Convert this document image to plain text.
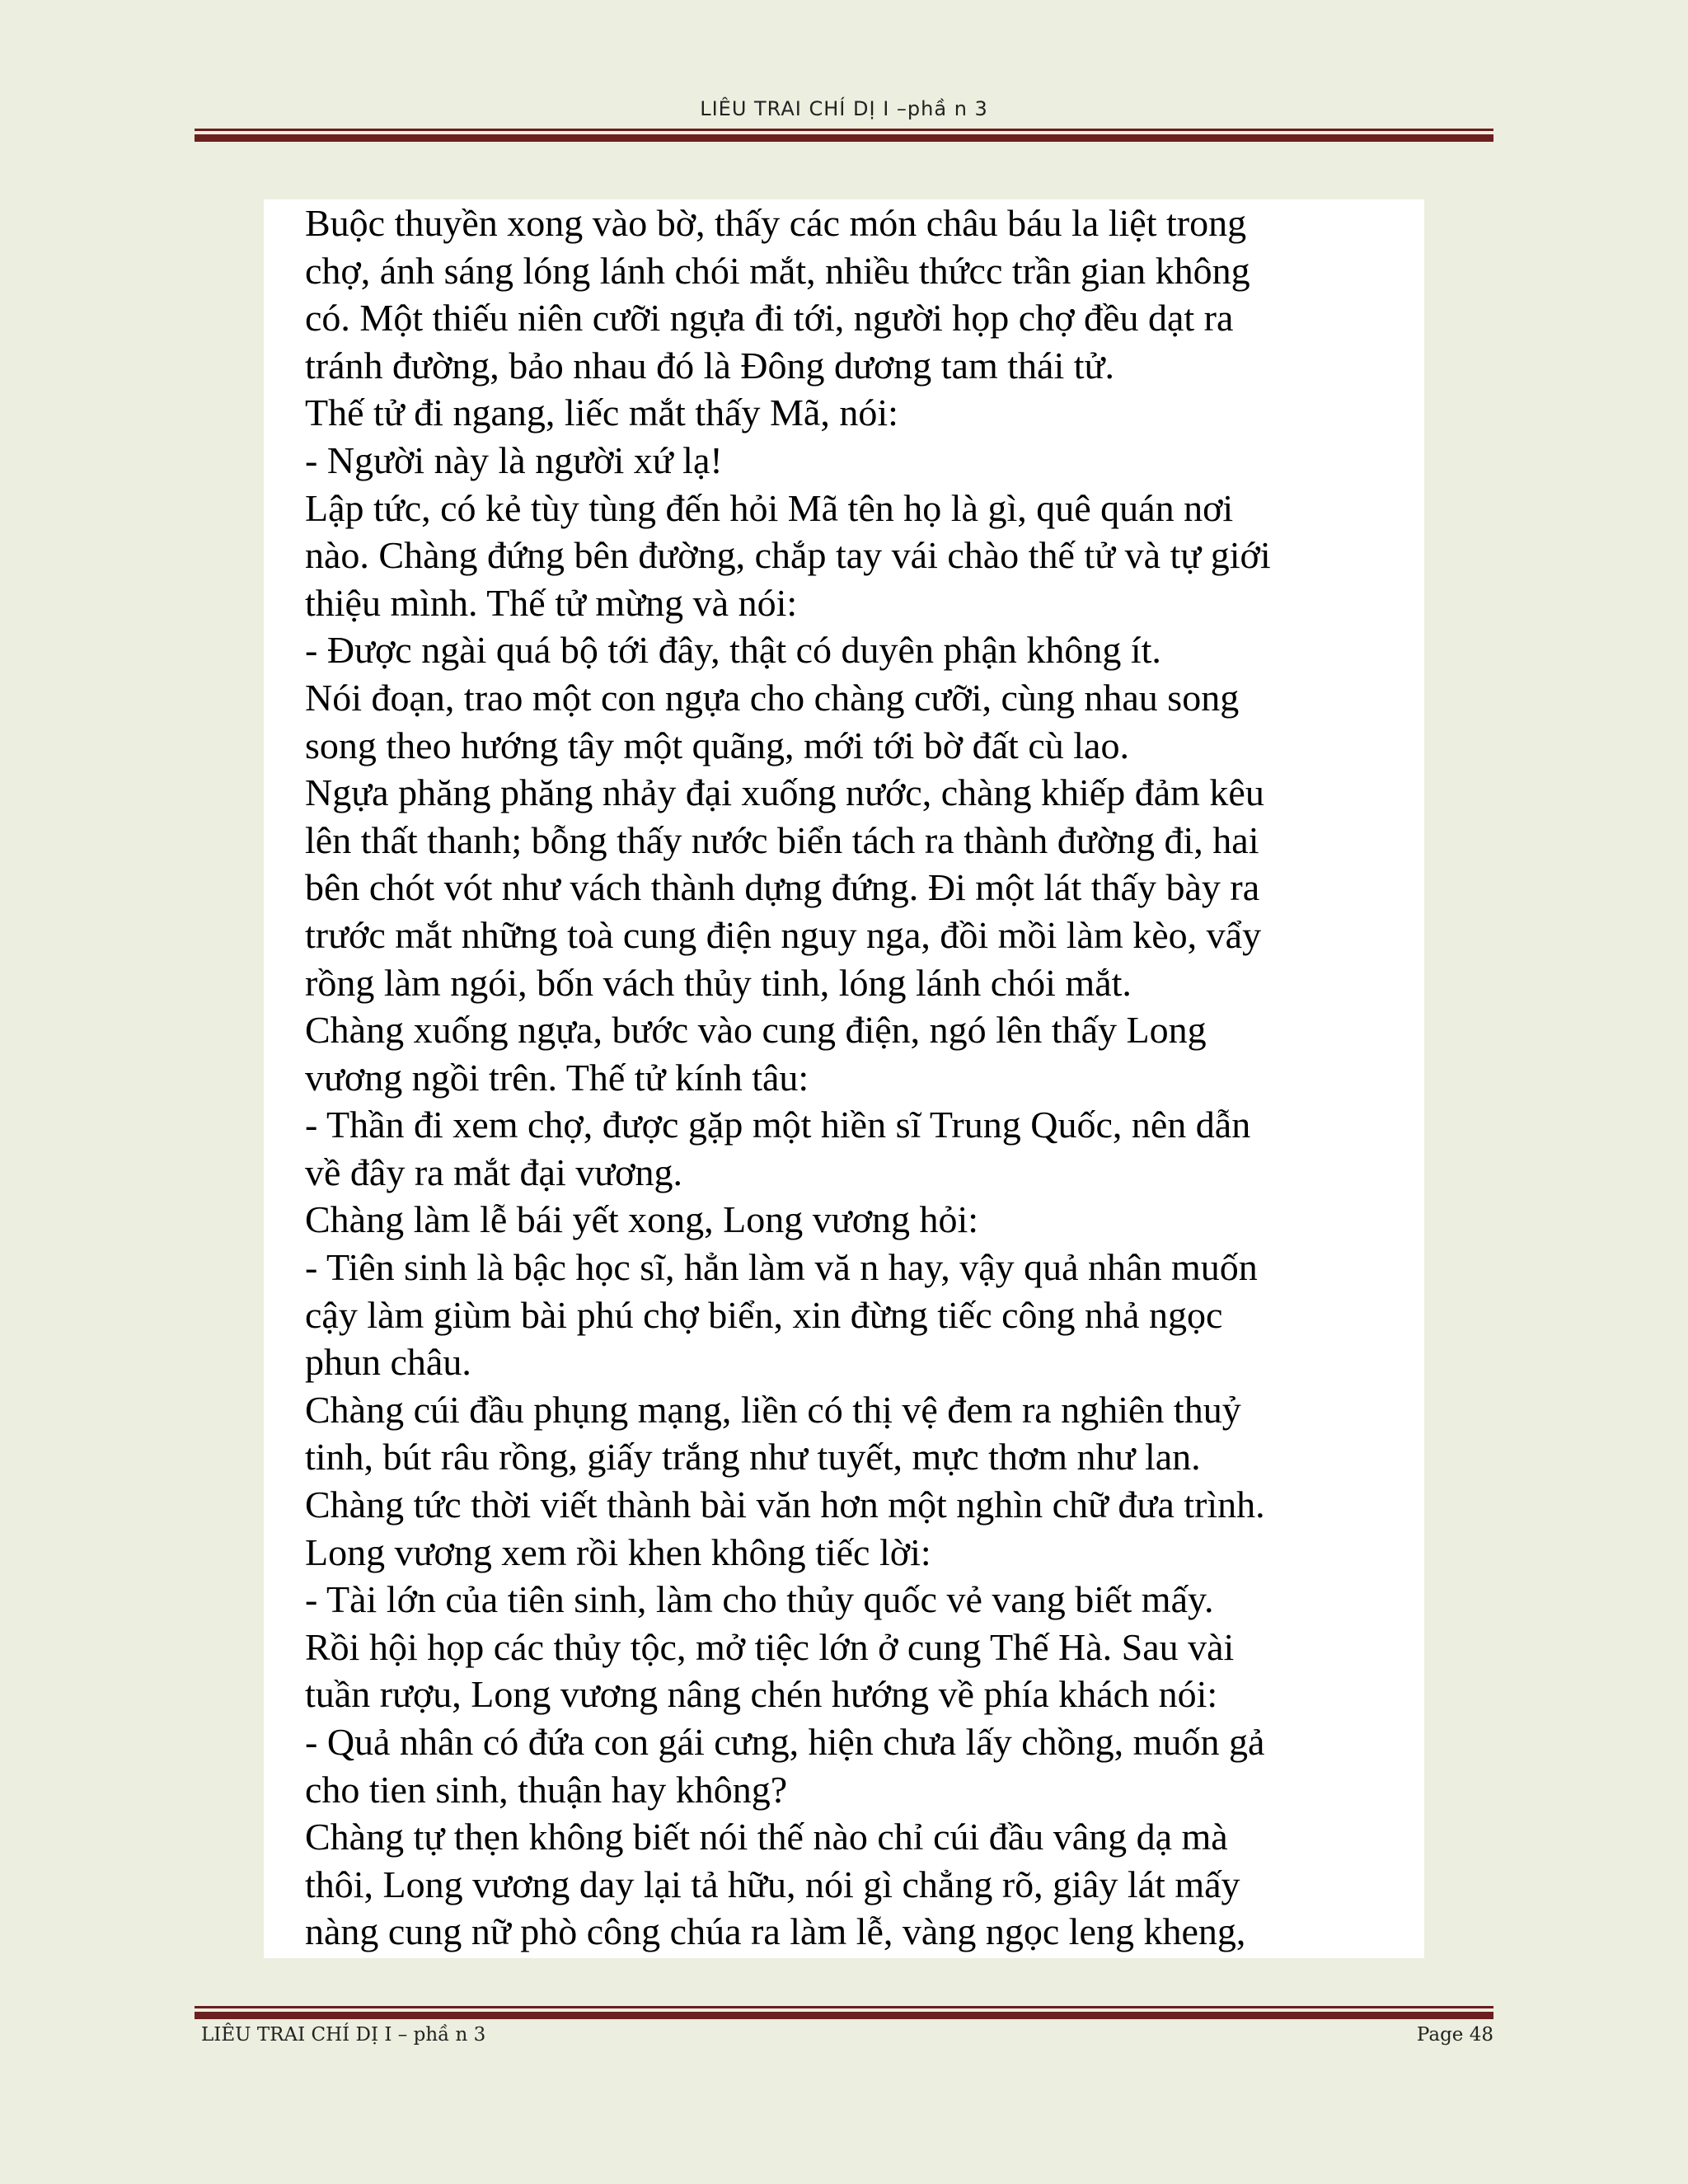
LIÊU TRAI CHÍ DỊ I –phầ n 3
Buộc thuyền xong vào bờ, thấy các món châu báu la liệt trong
chợ, ánh sáng lóng lánh chói mắt, nhiều thứcc trần gian không
có. Một thiếu niên cưỡi ngựa đi tới, người họp chợ đều dạt ra
tránh đường, bảo nhau đó là Đông dương tam thái tử.
Thế tử đi ngang, liếc mắt thấy Mã, nói:
- Người này là người xứ lạ!
Lập tức, có kẻ tùy tùng đến hỏi Mã tên họ là gì, quê quán nơi
nào. Chàng đứng bên đường, chắp tay vái chào thế tử và tự giới
thiệu mình. Thế tử mừng và nói:
- Được ngài quá bộ tới đây, thật có duyên phận không ít.
Nói đoạn, trao một con ngựa cho chàng cưỡi, cùng nhau song
song theo hướng tây một quãng, mới tới bờ đất cù lao.
Ngựa phăng phăng nhảy đại xuống nước, chàng khiếp đảm kêu
lên thất thanh; bỗng thấy nước biển tách ra thành đường đi, hai
bên chót vót như vách thành dựng đứng. Đi một lát thấy bày ra
trước mắt những toà cung điện nguy nga, đồi mồi làm kèo, vẩy
rồng làm ngói, bốn vách thủy tinh, lóng lánh chói mắt.
Chàng xuống ngựa, bước vào cung điện, ngó lên thấy Long
vương ngồi trên. Thế tử kính tâu:
- Thần đi xem chợ, được gặp một hiền sĩ Trung Quốc, nên dẫn
về đây ra mắt đại vương.
Chàng làm lễ bái yết xong, Long vương hỏi:
- Tiên sinh là bậc học sĩ, hẳn làm vă n hay, vậy quả nhân muốn
cậy làm giùm bài phú chợ biển, xin đừng tiếc công nhả ngọc
phun châu.
Chàng cúi đầu phụng mạng, liền có thị vệ đem ra nghiên thuỷ
tinh, bút râu rồng, giấy trắng như tuyết, mực thơm như lan.
Chàng tức thời viết thành bài văn hơn một nghìn chữ đưa trình.
Long vương xem rồi khen không tiếc lời:
- Tài lớn của tiên sinh, làm cho thủy quốc vẻ vang biết mấy.
Rồi hội họp các thủy tộc, mở tiệc lớn ở cung Thế Hà. Sau vài
tuần rượu, Long vương nâng chén hướng về phía khách nói:
- Quả nhân có đứa con gái cưng, hiện chưa lấy chồng, muốn gả
cho tien sinh, thuận hay không?
Chàng tự thẹn không biết nói thế nào chỉ cúi đầu vâng dạ mà
thôi, Long vương day lại tả hữu, nói gì chẳng rõ, giây lát mấy
nàng cung nữ phò công chúa ra làm lễ, vàng ngọc leng kheng,
LIÊU TRAI CHÍ DỊ I – phầ n 3	Page 48
